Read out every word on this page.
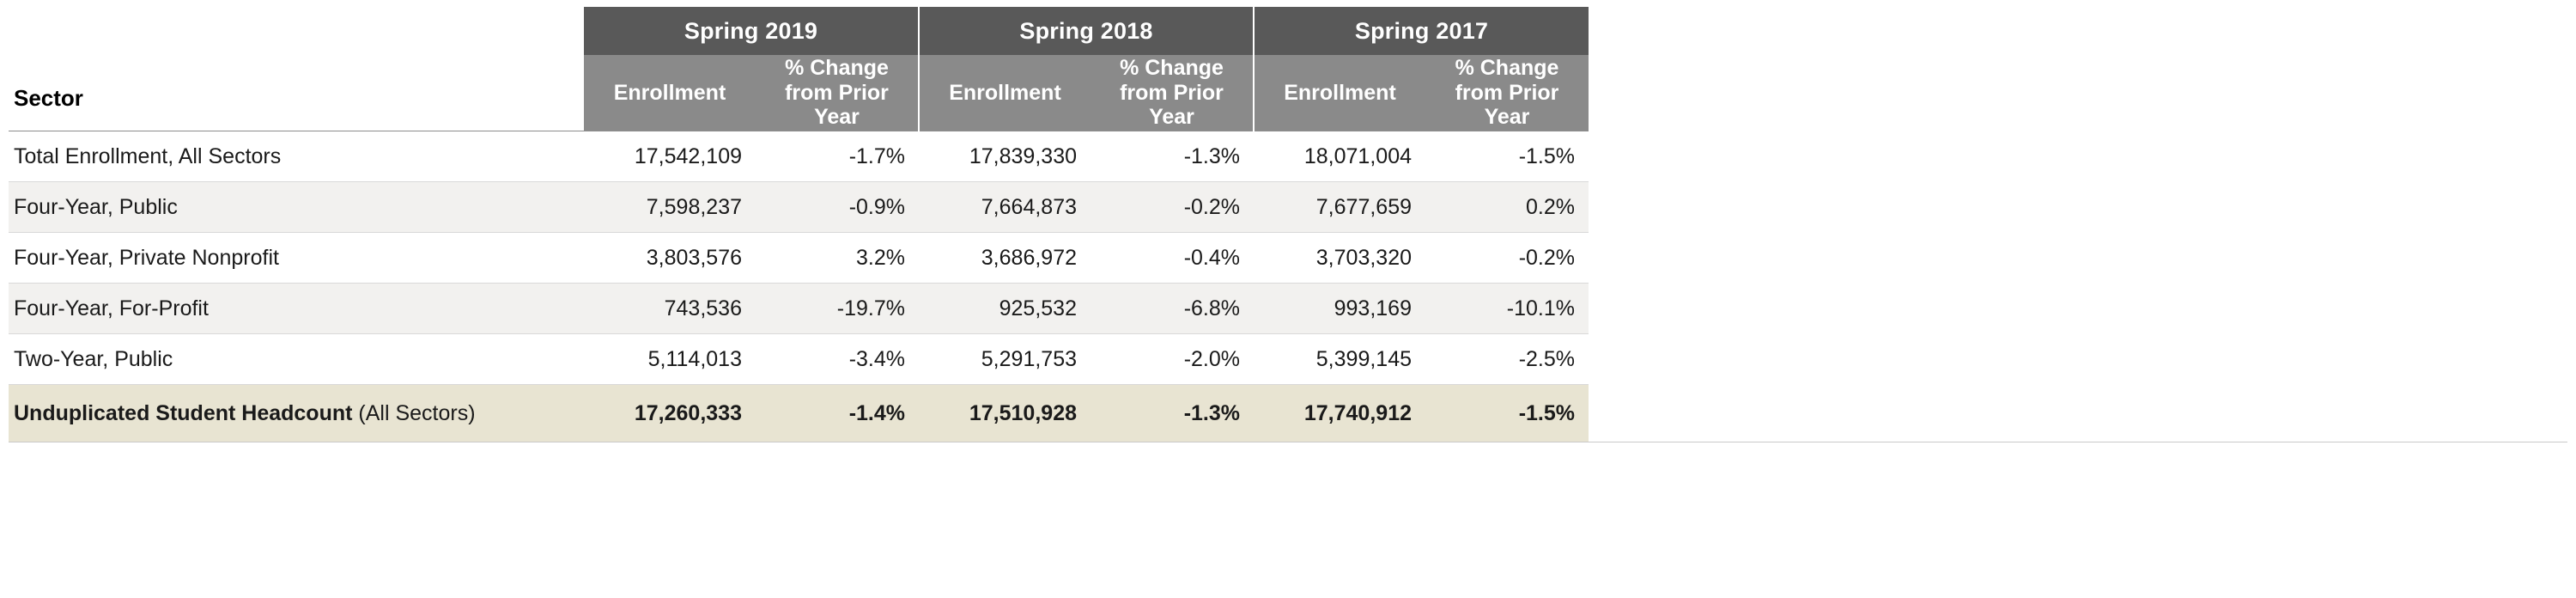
Sector	Spring 2019		Spring 2018		Spring 2017	
	Enrollment	% Change from Prior Year	Enrollment	% Change from Prior Year	Enrollment	% Change from Prior Year
Total Enrollment, All Sectors	17,542,109	-1.7%	17,839,330	-1.3%	18,071,004	-1.5%
Four-Year, Public	7,598,237	-0.9%	7,664,873	-0.2%	7,677,659	0.2%
Four-Year, Private Nonprofit	3,803,576	3.2%	3,686,972	-0.4%	3,703,320	-0.2%
Four-Year, For-Profit	743,536	-19.7%	925,532	-6.8%	993,169	-10.1%
Two-Year, Public	5,114,013	-3.4%	5,291,753	-2.0%	5,399,145	-2.5%
Unduplicated Student Headcount (All Sectors)	17,260,333	-1.4%	17,510,928	-1.3%	17,740,912	-1.5%
